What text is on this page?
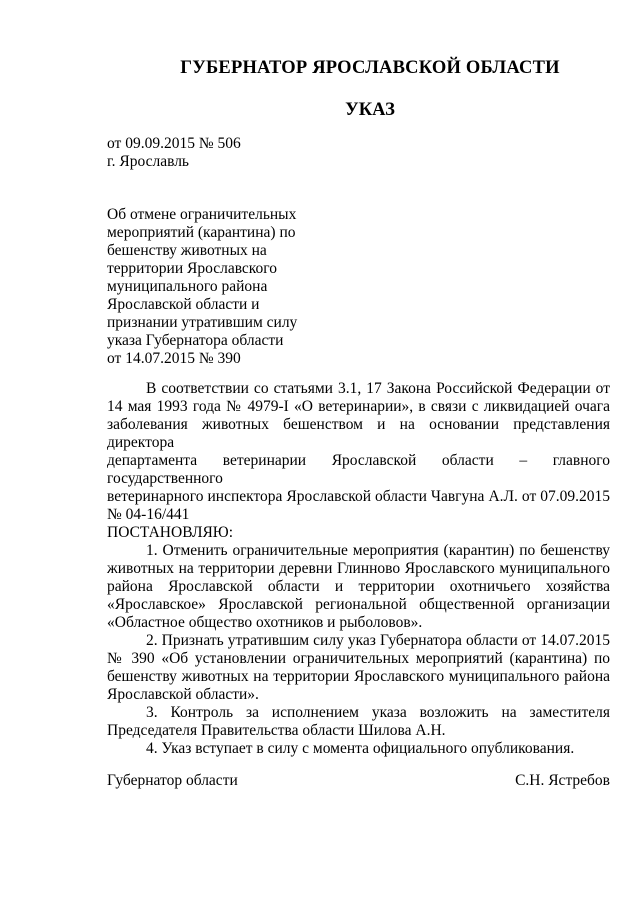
ГУБЕРНАТОР ЯРОСЛАВСКОЙ ОБЛАСТИ
УКАЗ
от 09.09.2015 № 506
г. Ярославль
Об отмене ограничительных
мероприятий (карантина) по
бешенству животных на
территории Ярославского
муниципального района
Ярославской области и
признании утратившим силу
указа Губернатора области
от 14.07.2015 № 390
В соответствии со статьями 3.1, 17 Закона Российской Федерации от
14 мая 1993 года № 4979-I «О ветеринарии», в связи с ликвидацией очага
заболевания животных бешенством и на основании представления директора
департамента ветеринарии Ярославской области – главного государственного
ветеринарного инспектора Ярославской области Чавгуна А.Л. от 07.09.2015
№ 04-16/441
ПОСТАНОВЛЯЮ:
1. Отменить ограничительные мероприятия (карантин) по бешенству
животных на территории деревни Глинново Ярославского муниципального
района Ярославской области и территории охотничьего хозяйства
«Ярославское» Ярославской региональной общественной организации
«Областное общество охотников и рыболовов».
2. Признать утратившим силу указ Губернатора области от 14.07.2015
№ 390 «Об установлении ограничительных мероприятий (карантина) по
бешенству животных на территории Ярославского муниципального района
Ярославской области».
3. Контроль за исполнением указа возложить на заместителя
Председателя Правительства области Шилова А.Н.
4. Указ вступает в силу с момента официального опубликования.
Губернатор области	С.Н. Ястребов
